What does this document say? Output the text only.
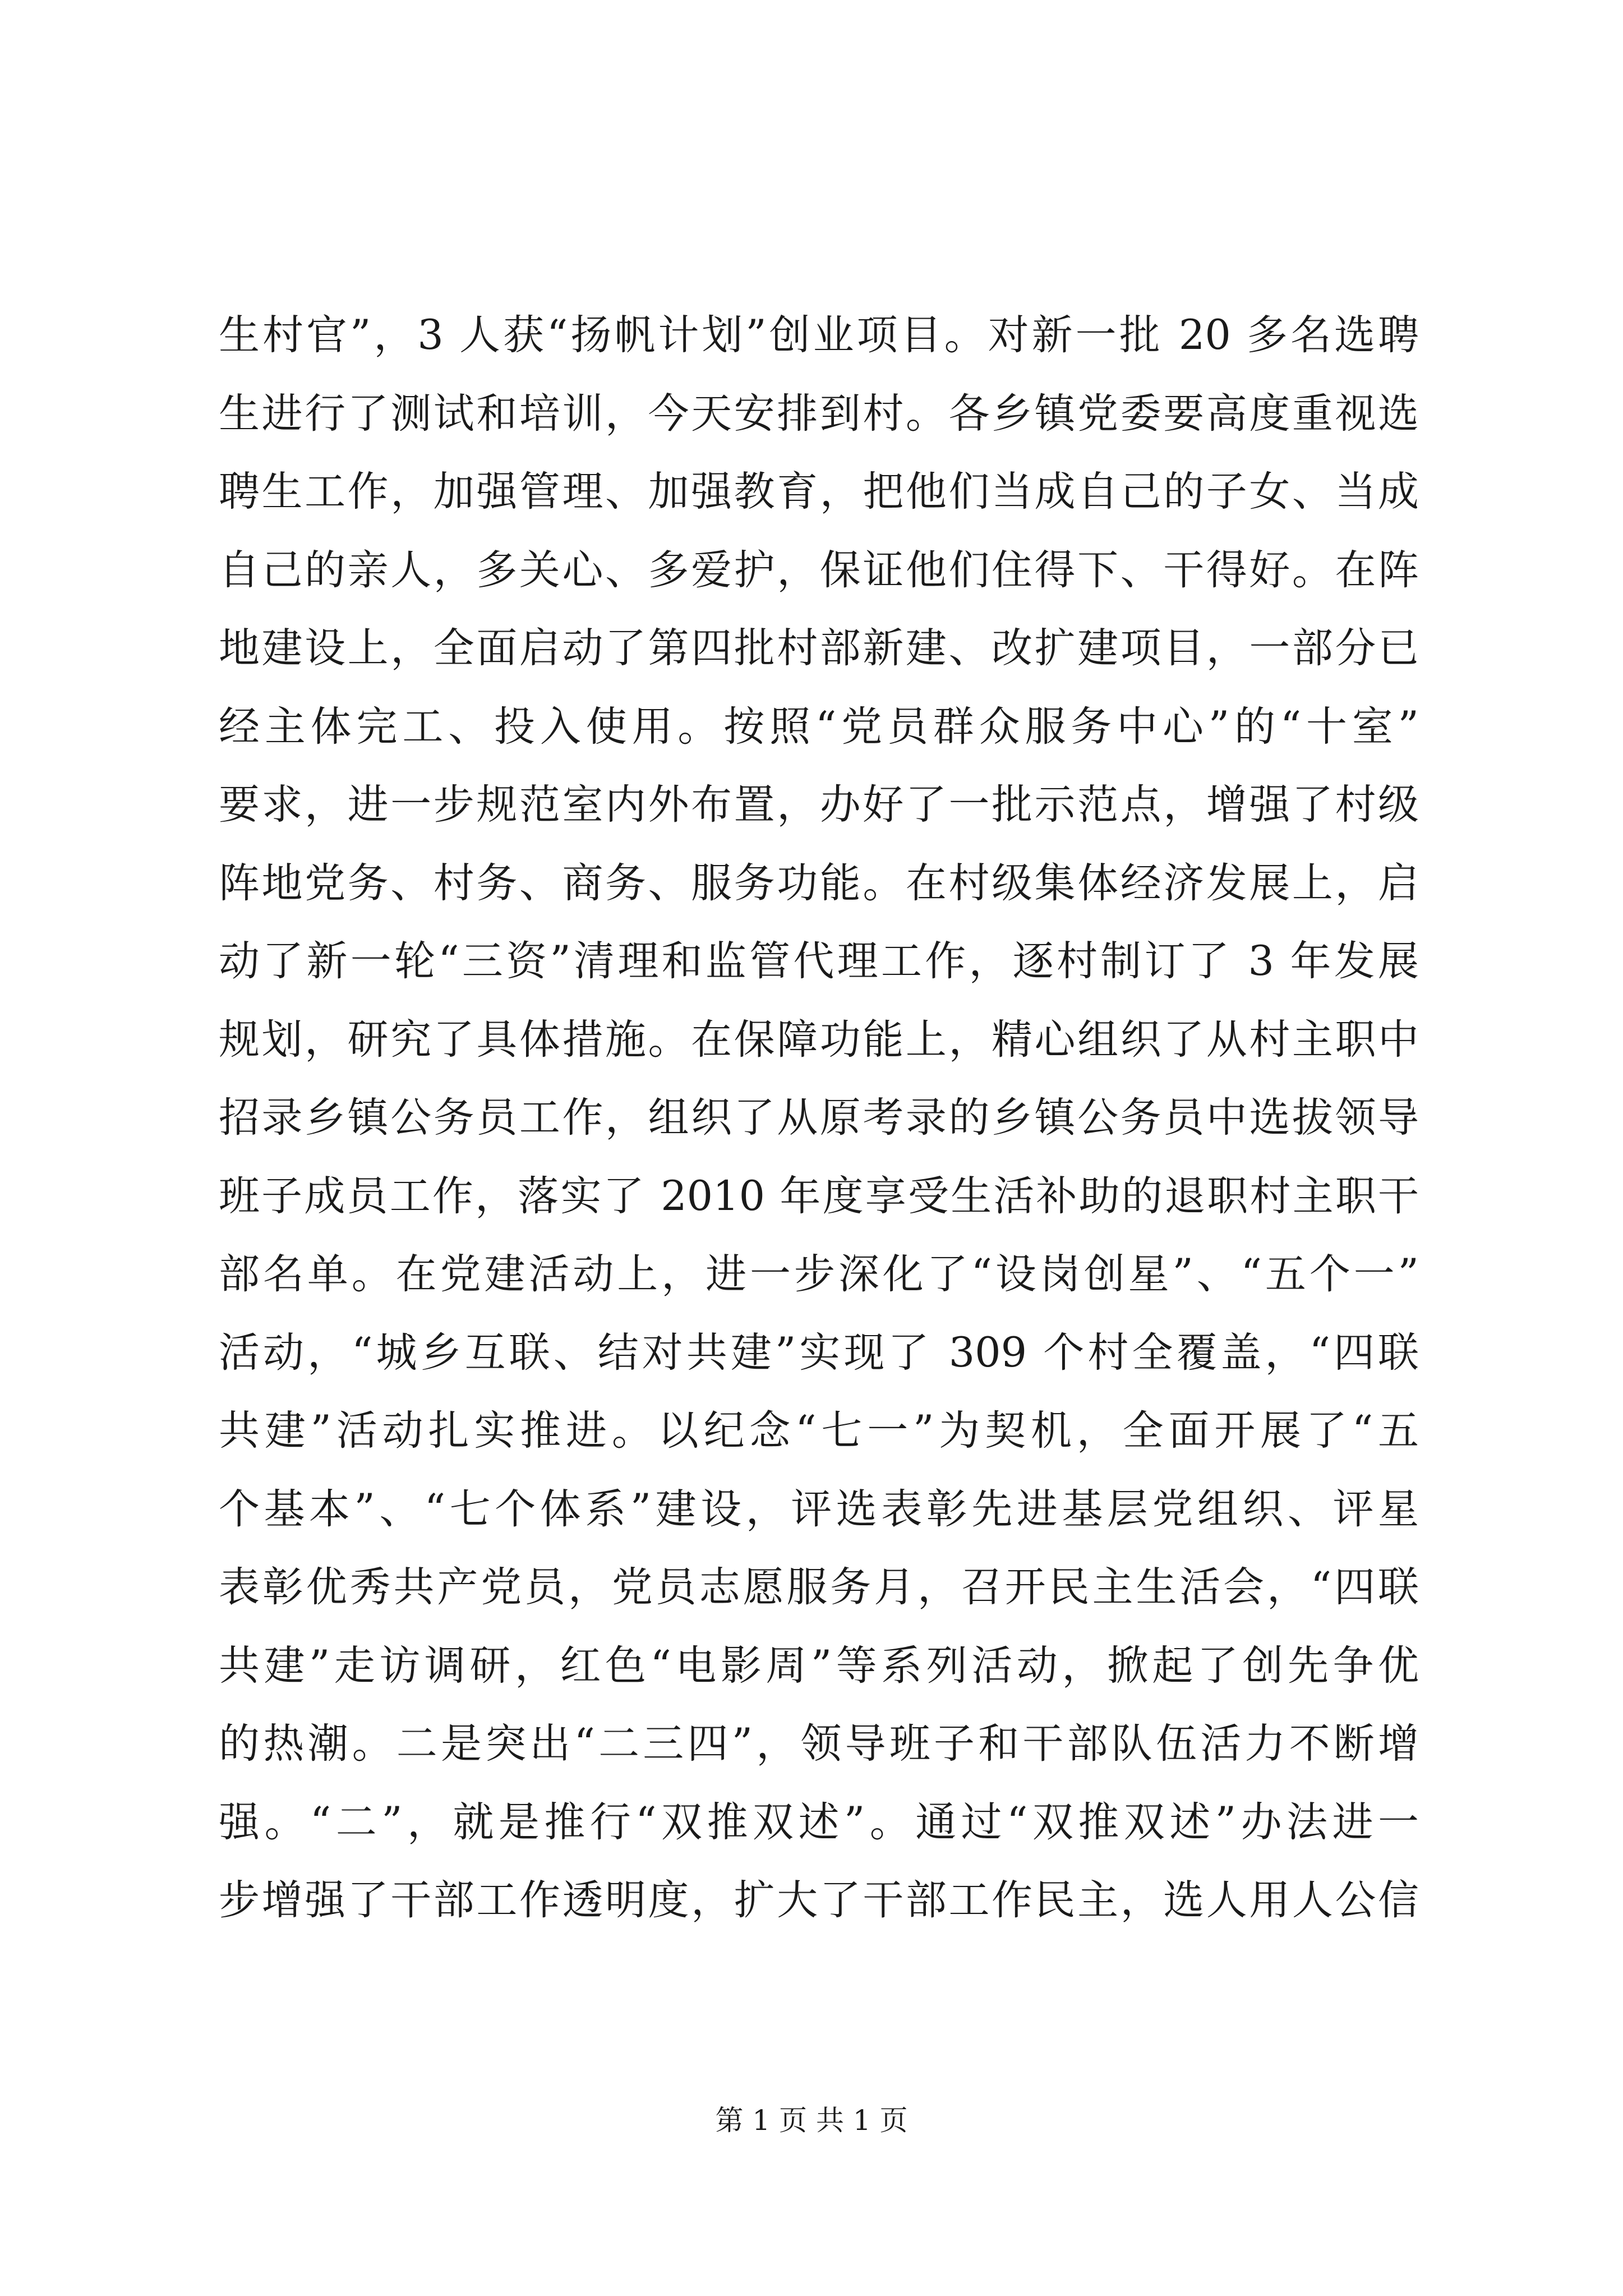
生村官”，3 人获“扬帆计划”创业项目。对新一批 20 多名选聘
生进行了测试和培训，今天安排到村。各乡镇党委要高度重视选
聘生工作，加强管理、加强教育，把他们当成自己的子女、当成
自己的亲人，多关心、多爱护，保证他们住得下、干得好。在阵
地建设上，全面启动了第四批村部新建、改扩建项目，一部分已
经主体完工、投入使用。按照“党员群众服务中心”的“十室”
要求，进一步规范室内外布置，办好了一批示范点，增强了村级
阵地党务、村务、商务、服务功能。在村级集体经济发展上，启
动了新一轮“三资”清理和监管代理工作，逐村制订了 3 年发展
规划，研究了具体措施。在保障功能上，精心组织了从村主职中
招录乡镇公务员工作，组织了从原考录的乡镇公务员中选拔领导
班子成员工作，落实了 2010 年度享受生活补助的退职村主职干
部名单。在党建活动上，进一步深化了“设岗创星”、“五个一”
活动，“城乡互联、结对共建”实现了 309 个村全覆盖，“四联
共建”活动扎实推进。以纪念“七一”为契机，全面开展了“五
个基本”、“七个体系”建设，评选表彰先进基层党组织、评星
表彰优秀共产党员，党员志愿服务月，召开民主生活会，“四联
共建”走访调研，红色“电影周”等系列活动，掀起了创先争优
的热潮。二是突出“二三四”，领导班子和干部队伍活力不断增
强。“二”，就是推行“双推双述”。通过“双推双述”办法进一
步增强了干部工作透明度，扩大了干部工作民主，选人用人公信
第 1 页 共 1 页
